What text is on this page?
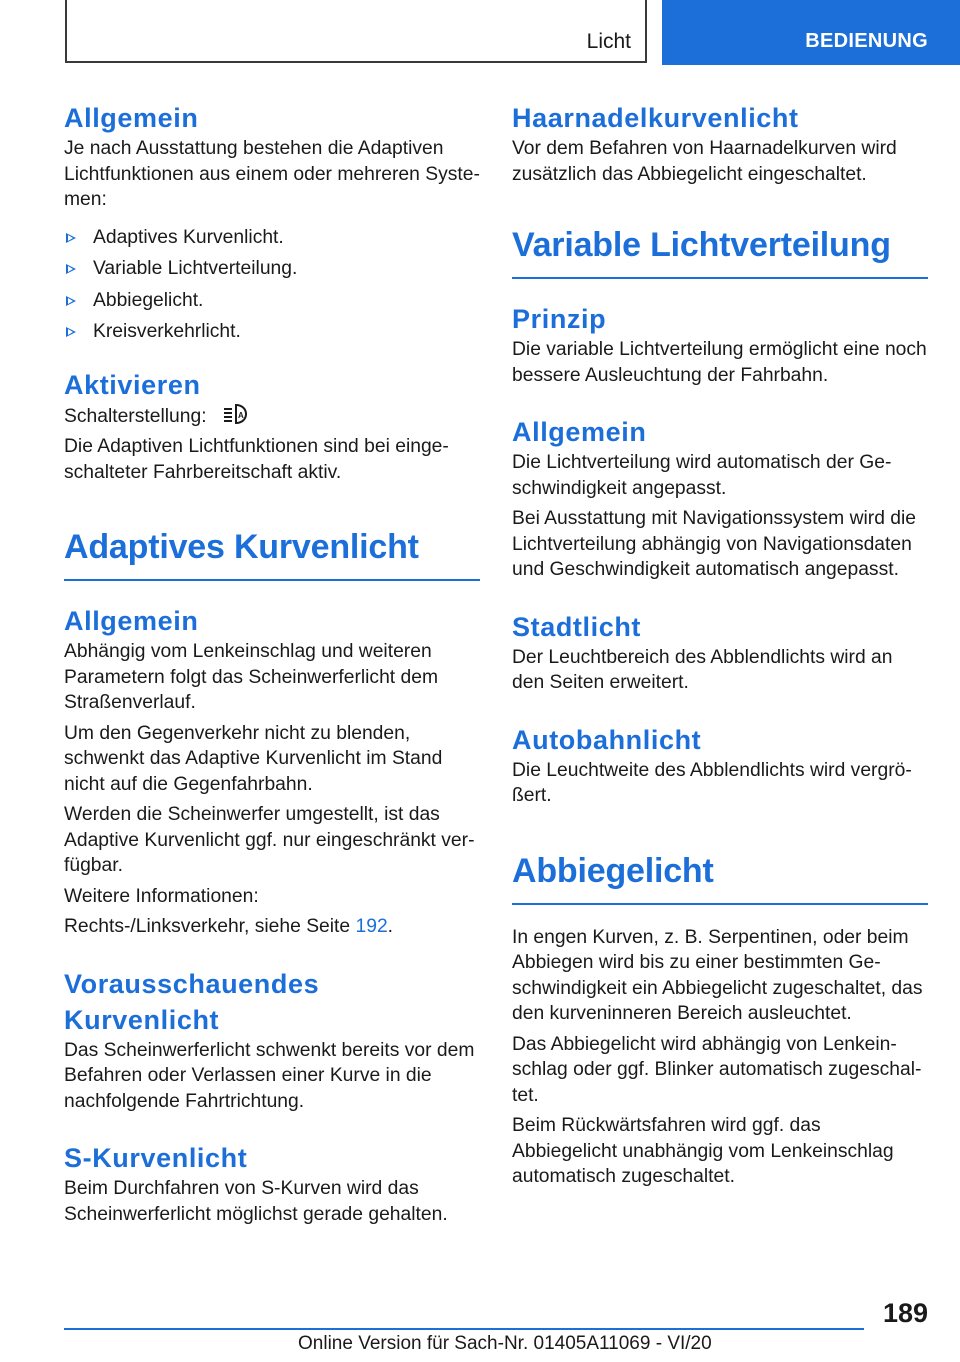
Licht	BEDIENUNG
Allgemein

Je nach Ausstattung bestehen die Adaptiven Lichtfunktionen aus einem oder mehreren Systemen:

Adaptives Kurvenlicht.
Variable Lichtverteilung.
Abbiegelicht.
Kreisverkehrlicht.
Aktivieren

Schalterstellung:	A

Die Adaptiven Lichtfunktionen sind bei eingeschalteter Fahrbereitschaft aktiv.

Adaptives Kurvenlicht
Allgemein

Abhängig vom Lenkeinschlag und weiteren Parametern folgt das Scheinwerferlicht dem Straßenverlauf.

Um den Gegenverkehr nicht zu blenden, schwenkt das Adaptive Kurvenlicht im Stand nicht auf die Gegenfahrbahn.

Werden die Scheinwerfer umgestellt, ist das Adaptive Kurvenlicht ggf. nur eingeschränkt verfügbar.

Weitere Informationen:

Rechts-/Linksverkehr, siehe Seite 192.

Vorausschauendes Kurvenlicht

Das Scheinwerferlicht schwenkt bereits vor dem Befahren oder Verlassen einer Kurve in die nachfolgende Fahrtrichtung.

S-Kurvenlicht

Beim Durchfahren von S-Kurven wird das Scheinwerferlicht möglichst gerade gehalten.

Haarnadelkurvenlicht

Vor dem Befahren von Haarnadelkurven wird zusätzlich das Abbiegelicht eingeschaltet.

Variable Lichtverteilung
Prinzip

Die variable Lichtverteilung ermöglicht eine noch bessere Ausleuchtung der Fahrbahn.

Allgemein

Die Lichtverteilung wird automatisch der Geschwindigkeit angepasst.

Bei Ausstattung mit Navigationssystem wird die Lichtverteilung abhängig von Navigationsdaten und Geschwindigkeit automatisch angepasst.

Stadtlicht

Der Leuchtbereich des Abblendlichts wird an den Seiten erweitert.

Autobahnlicht

Die Leuchtweite des Abblendlichts wird vergrößert.

Abbiegelicht

In engen Kurven, z. B. Serpentinen, oder beim Abbiegen wird bis zu einer bestimmten Geschwindigkeit ein Abbiegelicht zugeschaltet, das den kurveninneren Bereich ausleuchtet.

Das Abbiegelicht wird abhängig von Lenkeinschlag oder ggf. Blinker automatisch zugeschaltet.

Beim Rückwärtsfahren wird ggf. das Abbiegelicht unabhängig vom Lenkeinschlag automatisch zugeschaltet.

189
Online Version für Sach-Nr. 01405A11069 - VI/20
